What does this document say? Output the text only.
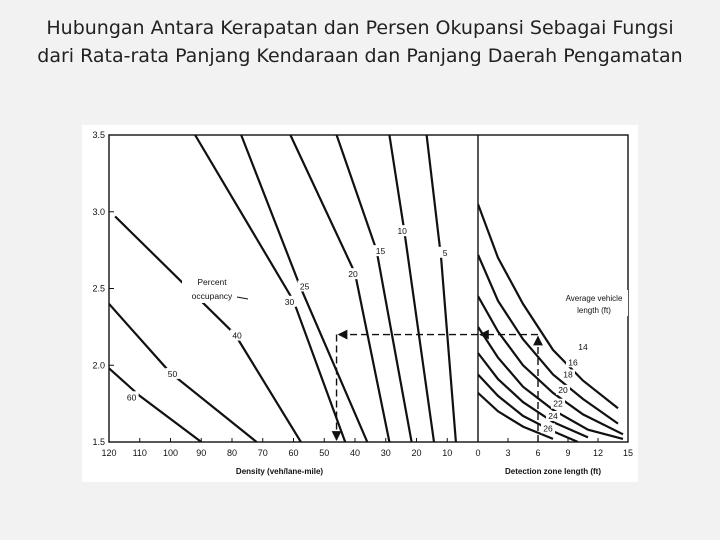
Hubungan Antara Kerapatan dan Persen Okupansi Sebagai Fungsi
dari Rata-rata Panjang Kendaraan dan Panjang Daerah Pengamatan
3.5
3.0
2.5
2.0
1.5
120 110 100 90 80 70 60 50 40 30 20 10	0
Density (veh/lane-mile)
3	6	9 12 15
Detection zone length (ft)
5
10
15
20
25
30
40
50
60
Percent
occupancy
14
16
18
20
22
24
26
Average vehicle
length (ft)
